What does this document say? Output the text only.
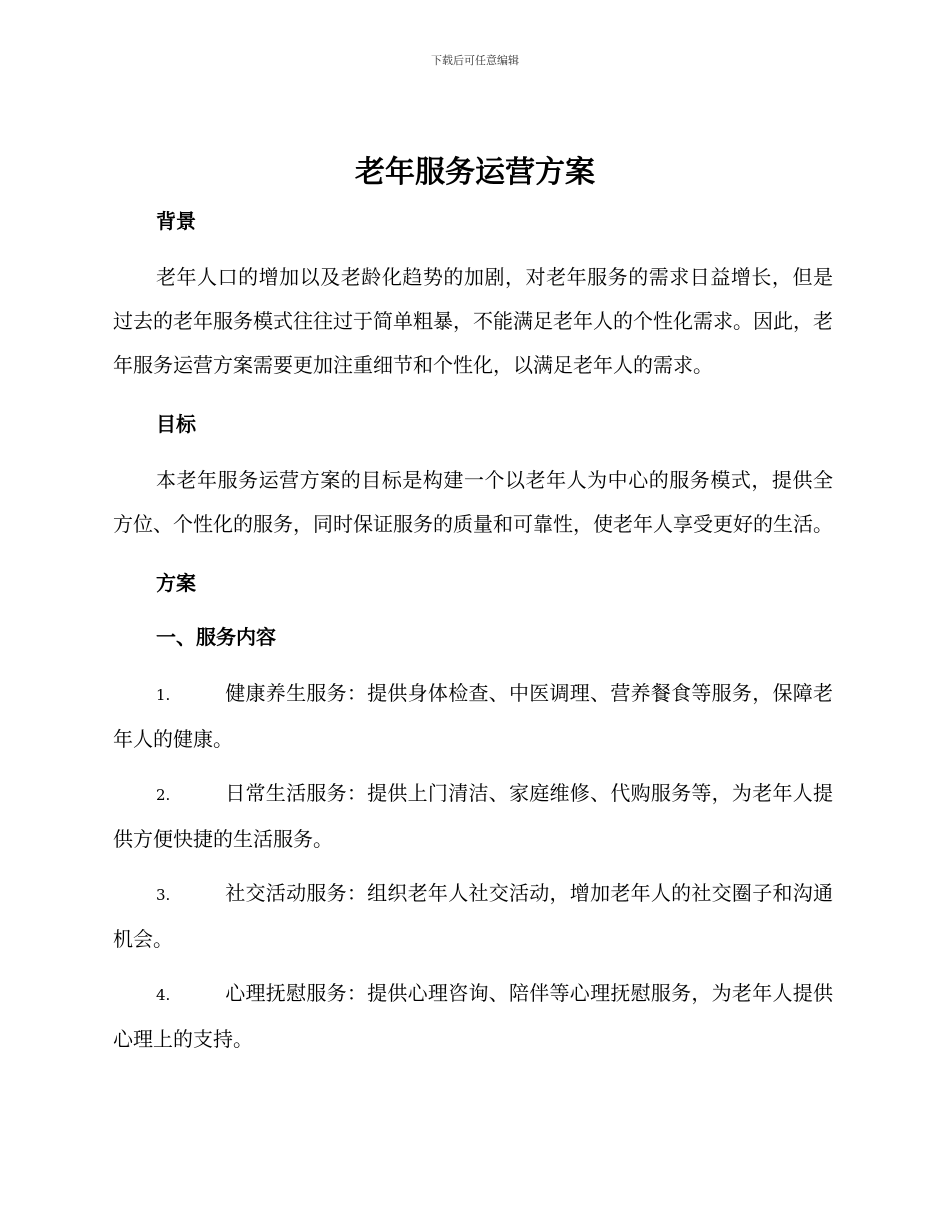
下载后可任意编辑
老年服务运营方案
背景

老年人口的增加以及老龄化趋势的加剧，对老年服务的需求日益增长，但是过去的老年服务模式往往过于简单粗暴，不能满足老年人的个性化需求。因此，老年服务运营方案需要更加注重细节和个性化，以满足老年人的需求。

目标

本老年服务运营方案的目标是构建一个以老年人为中心的服务模式，提供全方位、个性化的服务，同时保证服务的质量和可靠性，使老年人享受更好的生活。

方案
一、服务内容

1.	健康养生服务：提供身体检查、中医调理、营养餐食等服务，保障老年人的健康。

2.	日常生活服务：提供上门清洁、家庭维修、代购服务等，为老年人提供方便快捷的生活服务。

3.	社交活动服务：组织老年人社交活动，增加老年人的社交圈子和沟通机会。

4.	心理抚慰服务：提供心理咨询、陪伴等心理抚慰服务，为老年人提供心理上的支持。
